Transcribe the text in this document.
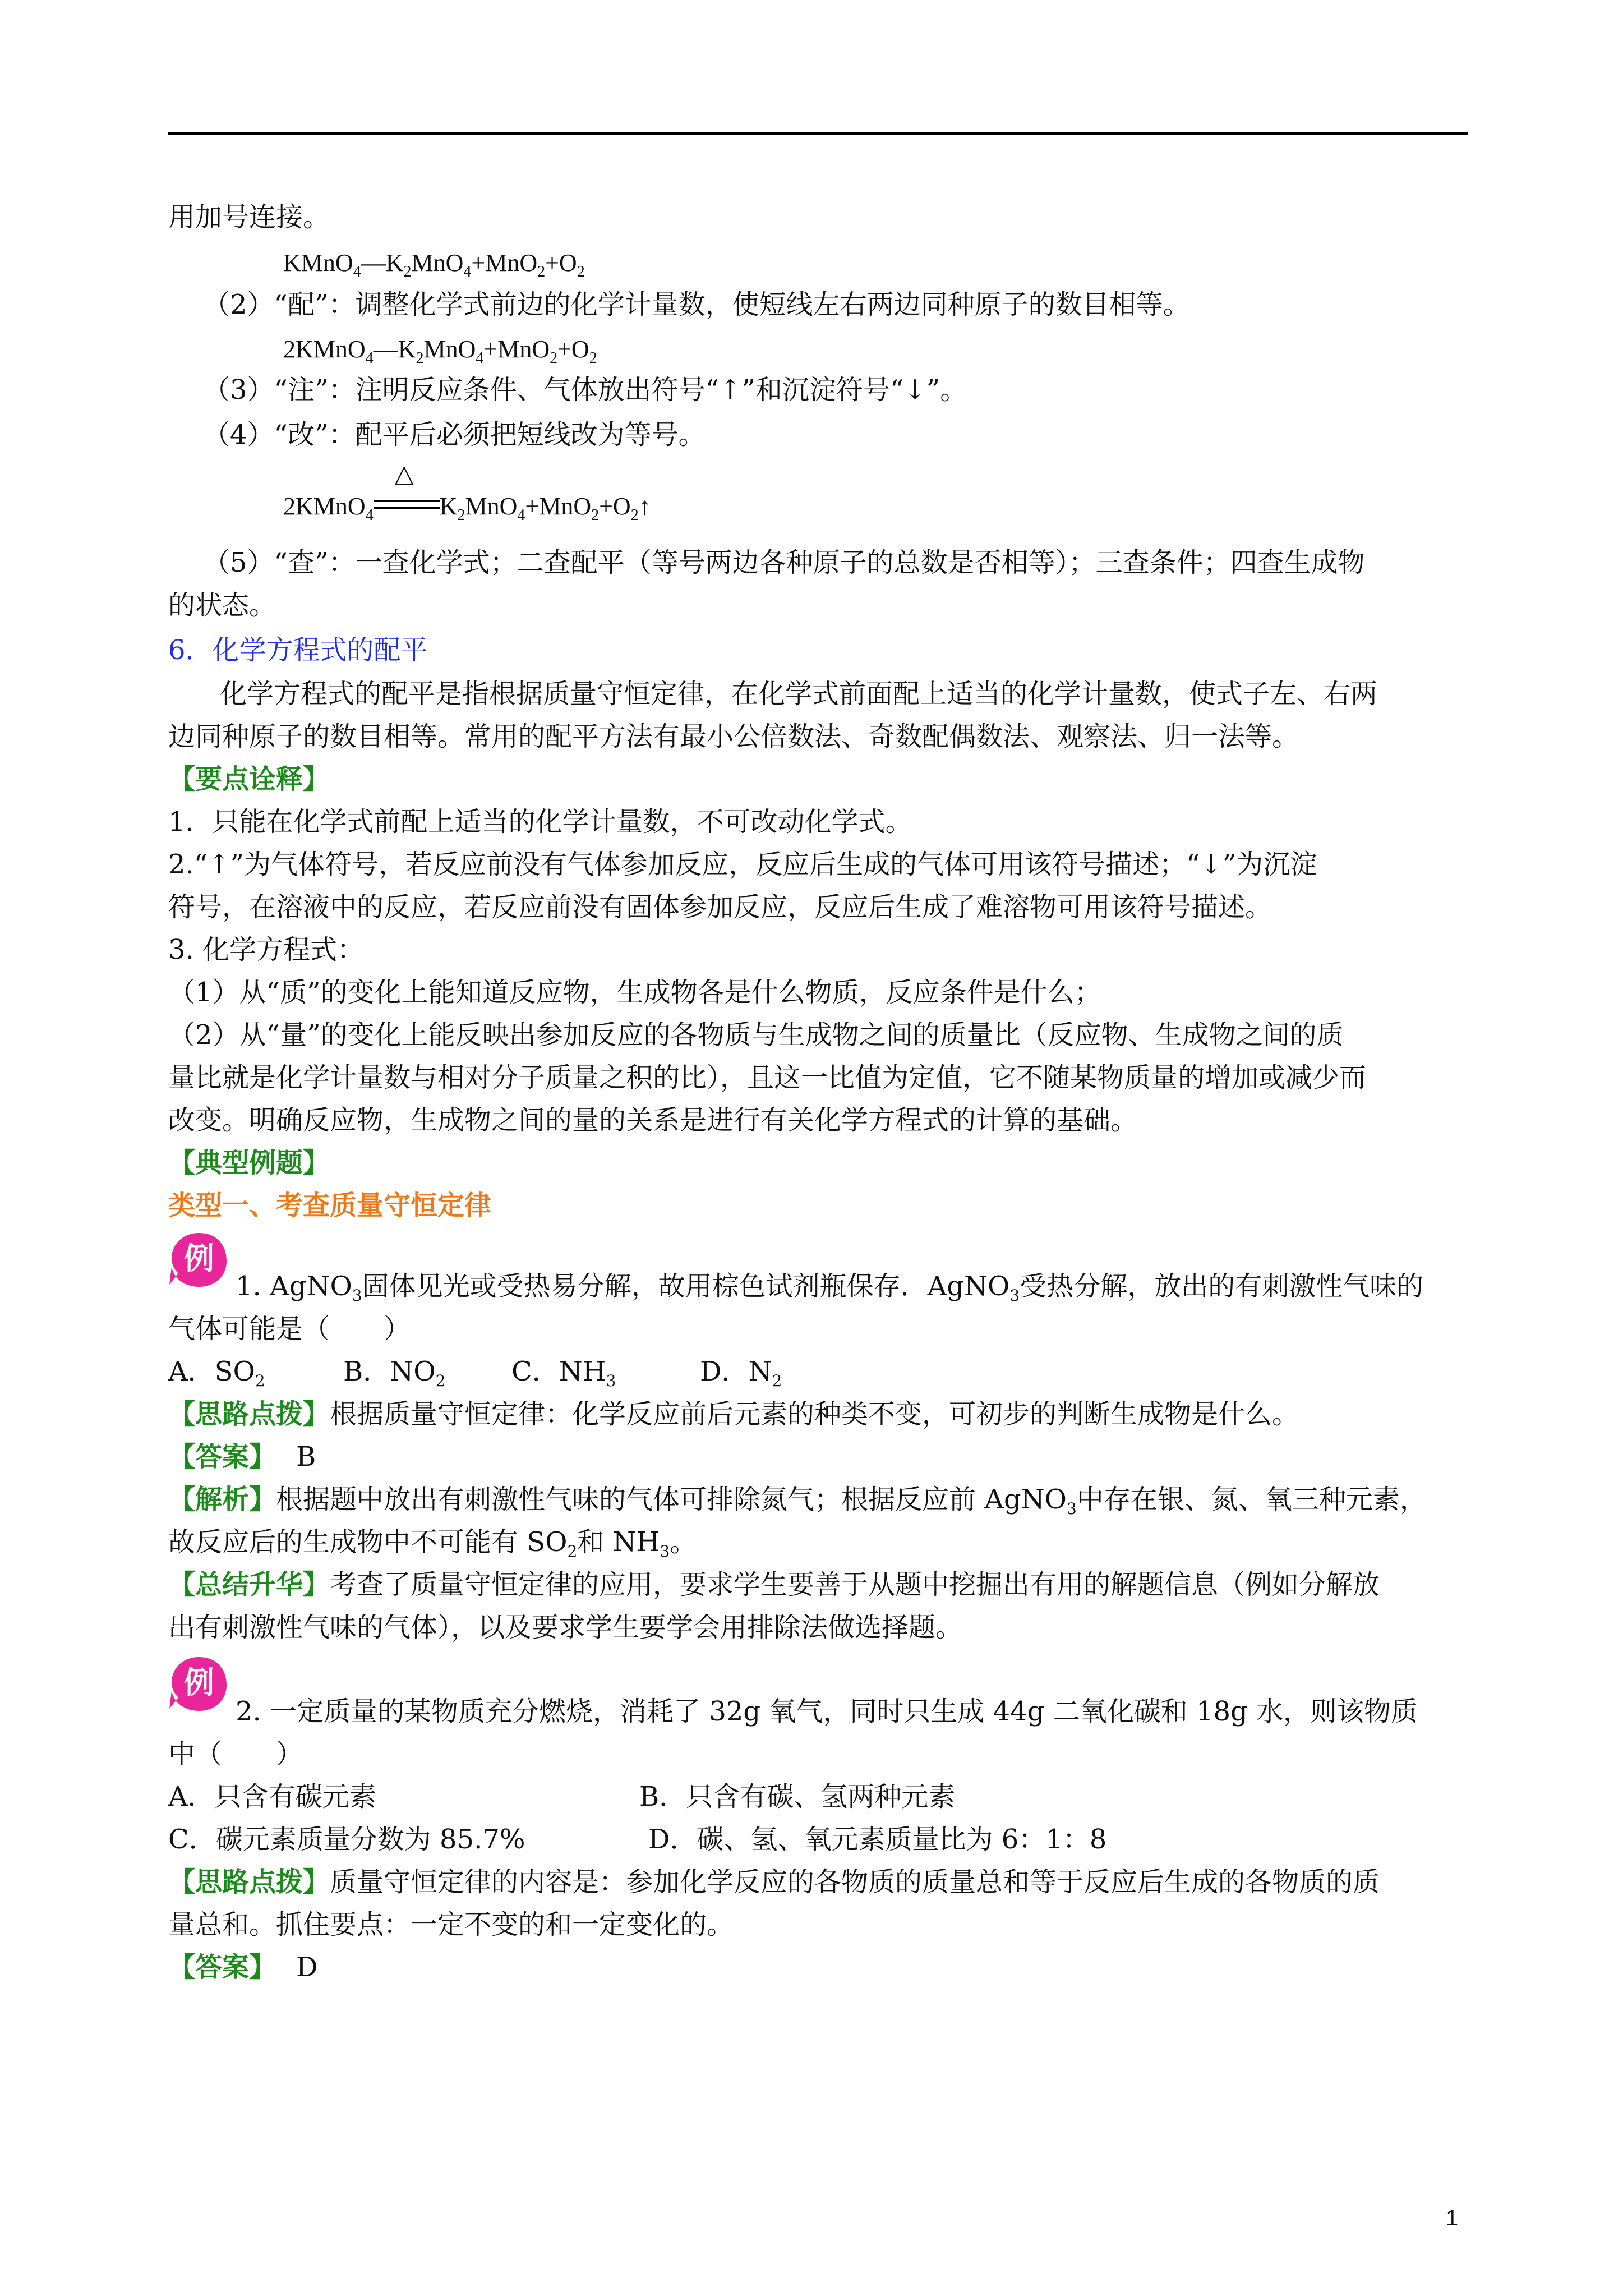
用加号连接。
$KMnO_4—K_2MnO_4+MnO_2+O_2$
（2）“配”：调整化学式前边的化学计量数，使短线左右两边同种原子的数目相等。
$2KMnO_4—K_2MnO_4+MnO_2+O_2$
（3）“注”：注明反应条件、气体放出符号“↑”和沉淀符号“↓”。
（4）“改”：配平后必须把短线改为等号。
2KMnO$_4$
△
$K_2MnO_4+MnO_2+O_2↑$
（5）“查”：一查化学式；二查配平（等号两边各种原子的总数是否相等）；三查条件；四查生成物
的状态。
6．化学方程式的配平
化学方程式的配平是指根据质量守恒定律，在化学式前面配上适当的化学计量数，使式子左、右两
边同种原子的数目相等。常用的配平方法有最小公倍数法、奇数配偶数法、观察法、归一法等。
【要点诠释】
1．只能在化学式前配上适当的化学计量数，不可改动化学式。
2.“↑”为气体符号，若反应前没有气体参加反应，反应后生成的气体可用该符号描述；“↓”为沉淀
符号，在溶液中的反应，若反应前没有固体参加反应，反应后生成了难溶物可用该符号描述。
3. 化学方程式：
（1）从“质”的变化上能知道反应物，生成物各是什么物质，反应条件是什么；
（2）从“量”的变化上能反映出参加反应的各物质与生成物之间的质量比（反应物、生成物之间的质
量比就是化学计量数与相对分子质量之积的比），且这一比值为定值，它不随某物质量的增加或减少而
改变。明确反应物，生成物之间的量的关系是进行有关化学方程式的计算的基础。
【典型例题】
类型一、考查质量守恒定律
例
1. AgNO$_3$固体见光或受热易分解，故用棕色试剂瓶保存．AgNO$_3$受热分解，放出的有刺激性气味的
气体可能是（　　）
A．$SO_2$	B．$NO_2$ C．$NH_3$	D．$N_2$
【思路点拨】根据质量守恒定律：化学反应前后元素的种类不变，可初步的判断生成物是什么。
【答案】 B
【解析】根据题中放出有刺激性气味的气体可排除氮气；根据反应前 AgNO$_3$中存在银、氮、氧三种元素，
故反应后的生成物中不可能有 $SO_2$和 $NH_3$。
【总结升华】考查了质量守恒定律的应用，要求学生要善于从题中挖掘出有用的解题信息（例如分解放
出有刺激性气味的气体），以及要求学生要学会用排除法做选择题。
例
2. 一定质量的某物质充分燃烧，消耗了 32g 氧气，同时只生成 44g 二氧化碳和 18g 水，则该物质
中（　　）
A．只含有碳元素	B．只含有碳、氢两种元素
C．碳元素质量分数为 85.7%	D．碳、氢、氧元素质量比为 6：1：8
【思路点拨】质量守恒定律的内容是：参加化学反应的各物质的质量总和等于反应后生成的各物质的质
量总和。抓住要点：一定不变的和一定变化的。
【答案】 D
1
